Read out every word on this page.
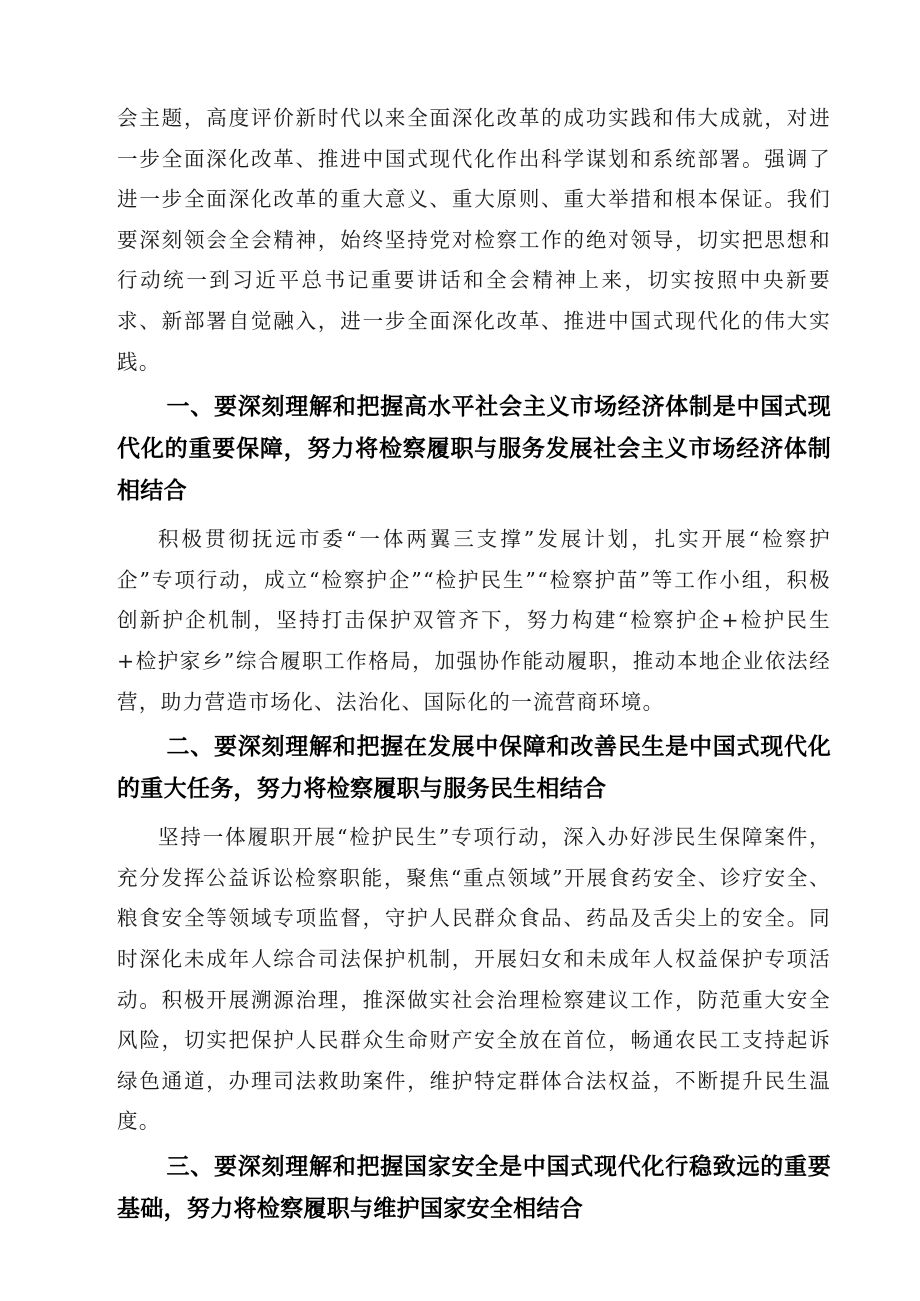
会主题，高度评价新时代以来全面深化改革的成功实践和伟大成就，对进一步全面深化改革、推进中国式现代化作出科学谋划和系统部署。强调了进一步全面深化改革的重大意义、重大原则、重大举措和根本保证。我们要深刻领会全会精神，始终坚持党对检察工作的绝对领导，切实把思想和行动统一到习近平总书记重要讲话和全会精神上来，切实按照中央新要求、新部署自觉融入，进一步全面深化改革、推进中国式现代化的伟大实践。

一、要深刻理解和把握高水平社会主义市场经济体制是中国式现代化的重要保障，努力将检察履职与服务发展社会主义市场经济体制相结合

积极贯彻抚远市委“一体两翼三支撑”发展计划，扎实开展“检察护企”专项行动，成立“检察护企”“检护民生”“检察护苗”等工作小组，积极创新护企机制，坚持打击保护双管齐下，努力构建“检察护企+检护民生+检护家乡”综合履职工作格局，加强协作能动履职，推动本地企业依法经营，助力营造市场化、法治化、国际化的一流营商环境。

二、要深刻理解和把握在发展中保障和改善民生是中国式现代化的重大任务，努力将检察履职与服务民生相结合

坚持一体履职开展“检护民生”专项行动，深入办好涉民生保障案件，充分发挥公益诉讼检察职能，聚焦“重点领域”开展食药安全、诊疗安全、粮食安全等领域专项监督，守护人民群众食品、药品及舌尖上的安全。同时深化未成年人综合司法保护机制，开展妇女和未成年人权益保护专项活动。积极开展溯源治理，推深做实社会治理检察建议工作，防范重大安全风险，切实把保护人民群众生命财产安全放在首位，畅通农民工支持起诉绿色通道，办理司法救助案件，维护特定群体合法权益，不断提升民生温度。

三、要深刻理解和把握国家安全是中国式现代化行稳致远的重要基础，努力将检察履职与维护国家安全相结合
